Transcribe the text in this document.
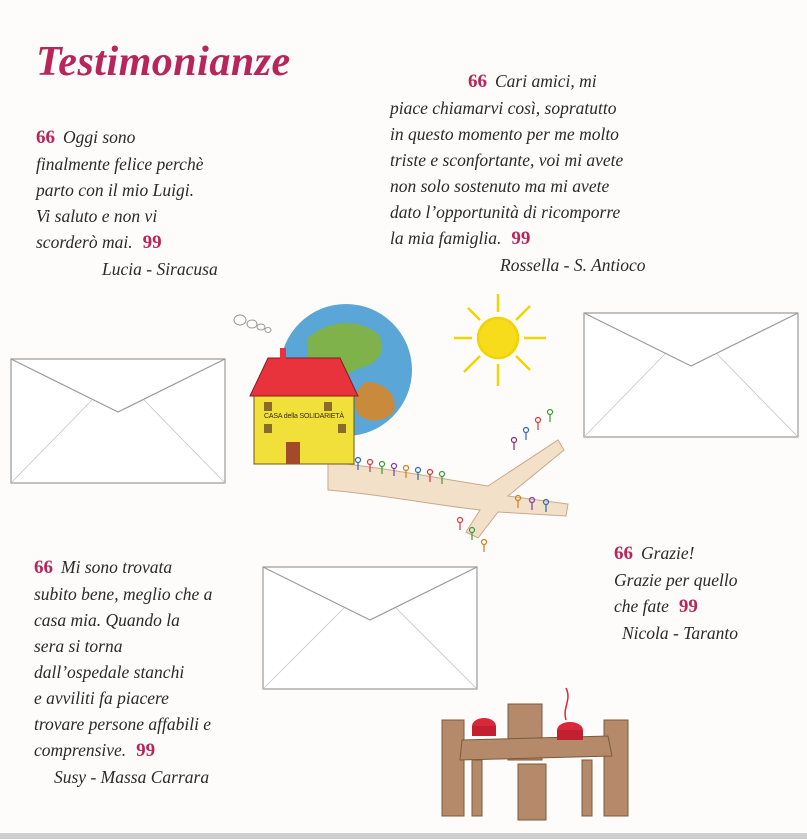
Testimonianze

66 Oggi sono
finalmente felice perchè
parto con il mio Luigi.
Vi saluto e non vi
scorderò mai. 99

Lucia - Siracusa

66 Cari amici, mi
piace chiamarvi così, sopratutto
in questo momento per me molto
triste e sconfortante, voi mi avete
non solo sostenuto ma mi avete
dato l’opportunità di ricomporre
la mia famiglia. 99

Rossella - S. Antioco

66 Mi sono trovata
subito bene, meglio che a
casa mia. Quando la
sera si torna
dall’ospedale stanchi
e avviliti fa piacere
trovare persone affabili e
comprensive. 99

Susy - Massa Carrara

66 Grazie!
Grazie per quello
che fate 99

Nicola - Taranto
CASA della SOLIDARIETÀ
